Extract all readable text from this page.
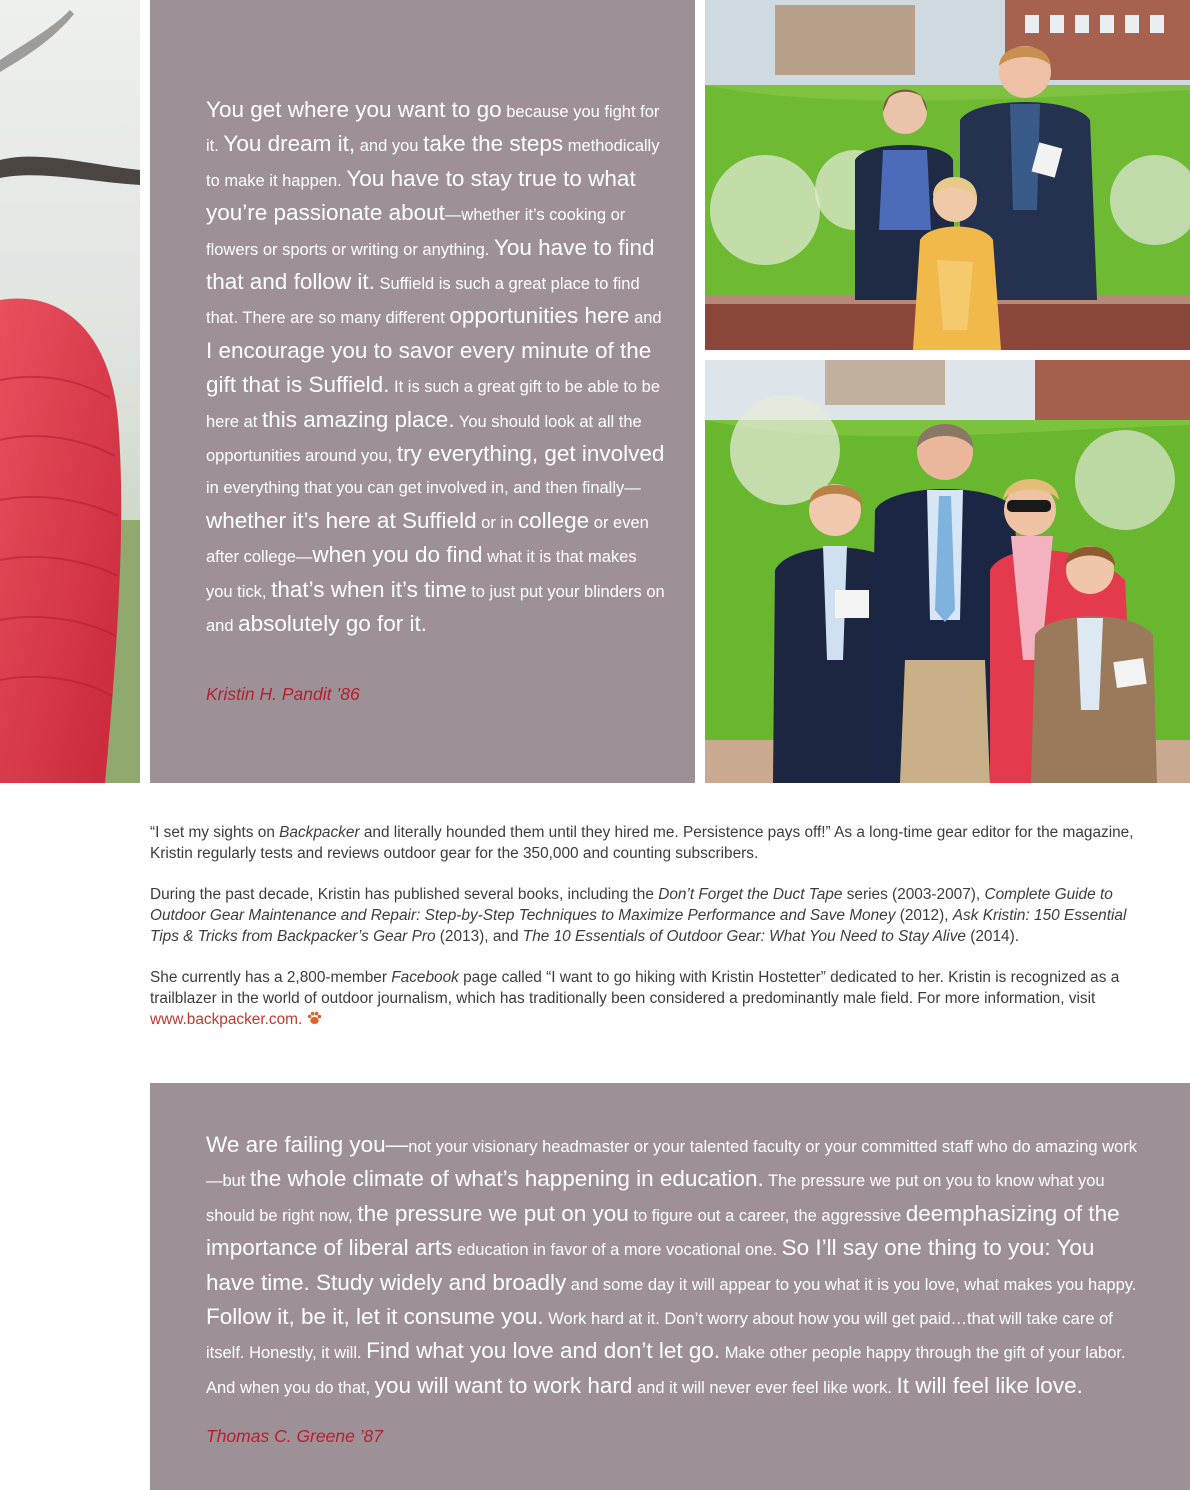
You get where you want to go because you fight for it. You dream it, and you take the steps methodically to make it happen. You have to stay true to what you’re passionate about—whether it’s cooking or flowers or sports or writing or anything. You have to find that and follow it. Suffield is such a great place to find that. There are so many different opportunities here and I encourage you to savor every minute of the gift that is Suffield. It is such a great gift to be able to be here at this amazing place. You should look at all the opportunities around you, try everything, get involved in everything that you can get involved in, and then finally—whether it’s here at Suffield or in college or even after college—when you do find what it is that makes you tick, that’s when it’s time to just put your blinders on and absolutely go for it.

Kristin H. Pandit ’86

“I set my sights on Backpacker and literally hounded them until they hired me. Persistence pays off!” As a long-time gear editor for the magazine, Kristin regularly tests and reviews outdoor gear for the 350,000 and counting subscribers.

During the past decade, Kristin has published several books, including the Don’t Forget the Duct Tape series (2003-2007), Complete Guide to Outdoor Gear Maintenance and Repair: Step-by-Step Techniques to Maximize Performance and Save Money (2012), Ask Kristin: 150 Essential Tips & Tricks from Backpacker’s Gear Pro (2013), and The 10 Essentials of Outdoor Gear: What You Need to Stay Alive (2014).

She currently has a 2,800-member Facebook page called “I want to go hiking with Kristin Hostetter” dedicated to her. Kristin is recognized as a trailblazer in the world of outdoor journalism, which has traditionally been considered a predominantly male field. For more information, visit www.backpacker.com.

We are failing you—not your visionary headmaster or your talented faculty or your committed staff who do amazing work—but the whole climate of what’s happening in education. The pressure we put on you to know what you should be right now, the pressure we put on you to figure out a career, the aggressive deemphasizing of the importance of liberal arts education in favor of a more vocational one. So I’ll say one thing to you: You have time. Study widely and broadly and some day it will appear to you what it is you love, what makes you happy. Follow it, be it, let it consume you. Work hard at it. Don’t worry about how you will get paid…that will take care of itself. Honestly, it will. Find what you love and don’t let go. Make other people happy through the gift of your labor. And when you do that, you will want to work hard and it will never ever feel like work. It will feel like love.

Thomas C. Greene ’87
